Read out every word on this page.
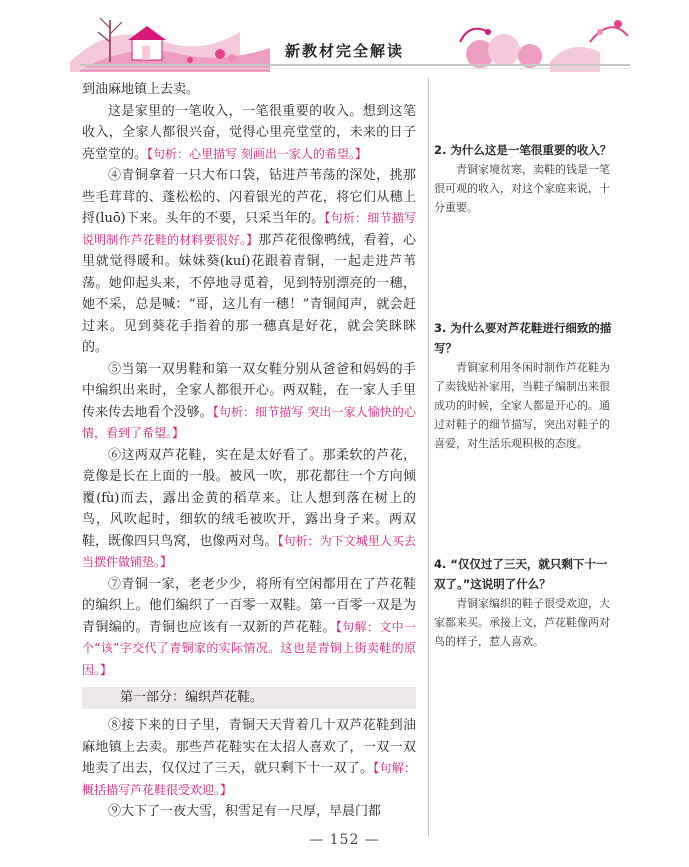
新教材完全解读

到油麻地镇上去卖。

这是家里的一笔收入，一笔很重要的收入。想到这笔收入，全家人都很兴奋，觉得心里亮堂堂的，未来的日子亮堂堂的。【句析：心里描写 刻画出一家人的希望。】

④青铜拿着一只大布口袋，钻进芦苇荡的深处，挑那些毛茸茸的、蓬松松的、闪着银光的芦花，将它们从穗上捋(luō)下来。头年的不要，只采当年的。【句析：细节描写 说明制作芦花鞋的材料要很好。】那芦花很像鸭绒，看着，心里就觉得暖和。妹妹葵(kuí)花跟着青铜，一起走进芦苇荡。她仰起头来，不停地寻觅着，见到特别漂亮的一穗，她不采，总是喊：“哥，这儿有一穗！”青铜闻声，就会赶过来。见到葵花手指着的那一穗真是好花，就会笑眯眯的。

⑤当第一双男鞋和第一双女鞋分别从爸爸和妈妈的手中编织出来时，全家人都很开心。两双鞋，在一家人手里传来传去地看个没够。【句析：细节描写 突出一家人愉快的心情，看到了希望。】

⑥这两双芦花鞋，实在是太好看了。那柔软的芦花，竟像是长在上面的一般。被风一吹，那花都往一个方向倾覆(fù)而去，露出金黄的稻草来。让人想到落在树上的鸟，风吹起时，细软的绒毛被吹开，露出身子来。两双鞋，既像四只鸟窝，也像两对鸟。【句析：为下文城里人买去当摆件做铺垫。】

⑦青铜一家，老老少少，将所有空闲都用在了芦花鞋的编织上。他们编织了一百零一双鞋。第一百零一双是为青铜编的。青铜也应该有一双新的芦花鞋。【句解：文中一个“该”字交代了青铜家的实际情况。这也是青铜上街卖鞋的原因。】

第一部分：编织芦花鞋。

⑧接下来的日子里，青铜天天背着几十双芦花鞋到油麻地镇上去卖。那些芦花鞋实在太招人喜欢了，一双一双地卖了出去，仅仅过了三天，就只剩下十一双了。【句解：概括描写芦花鞋很受欢迎。】

⑨大下了一夜大雪，积雪足有一尺厚，早晨门都

2. 为什么这是一笔很重要的收入？
青铜家境贫寒，卖鞋的钱是一笔很可观的收入，对这个家庭来说，十分重要。
3. 为什么要对芦花鞋进行细致的描写？
青铜家利用冬闲时制作芦花鞋为了卖钱贴补家用，当鞋子编制出来很成功的时候，全家人都是开心的。通过对鞋子的细节描写，突出对鞋子的喜爱，对生活乐观积极的态度。
4. “仅仅过了三天，就只剩下十一双了。”这说明了什么？
青铜家编织的鞋子很受欢迎，大家都来买。承接上文，芦花鞋像两对鸟的样子，惹人喜欢。
— 152 —
